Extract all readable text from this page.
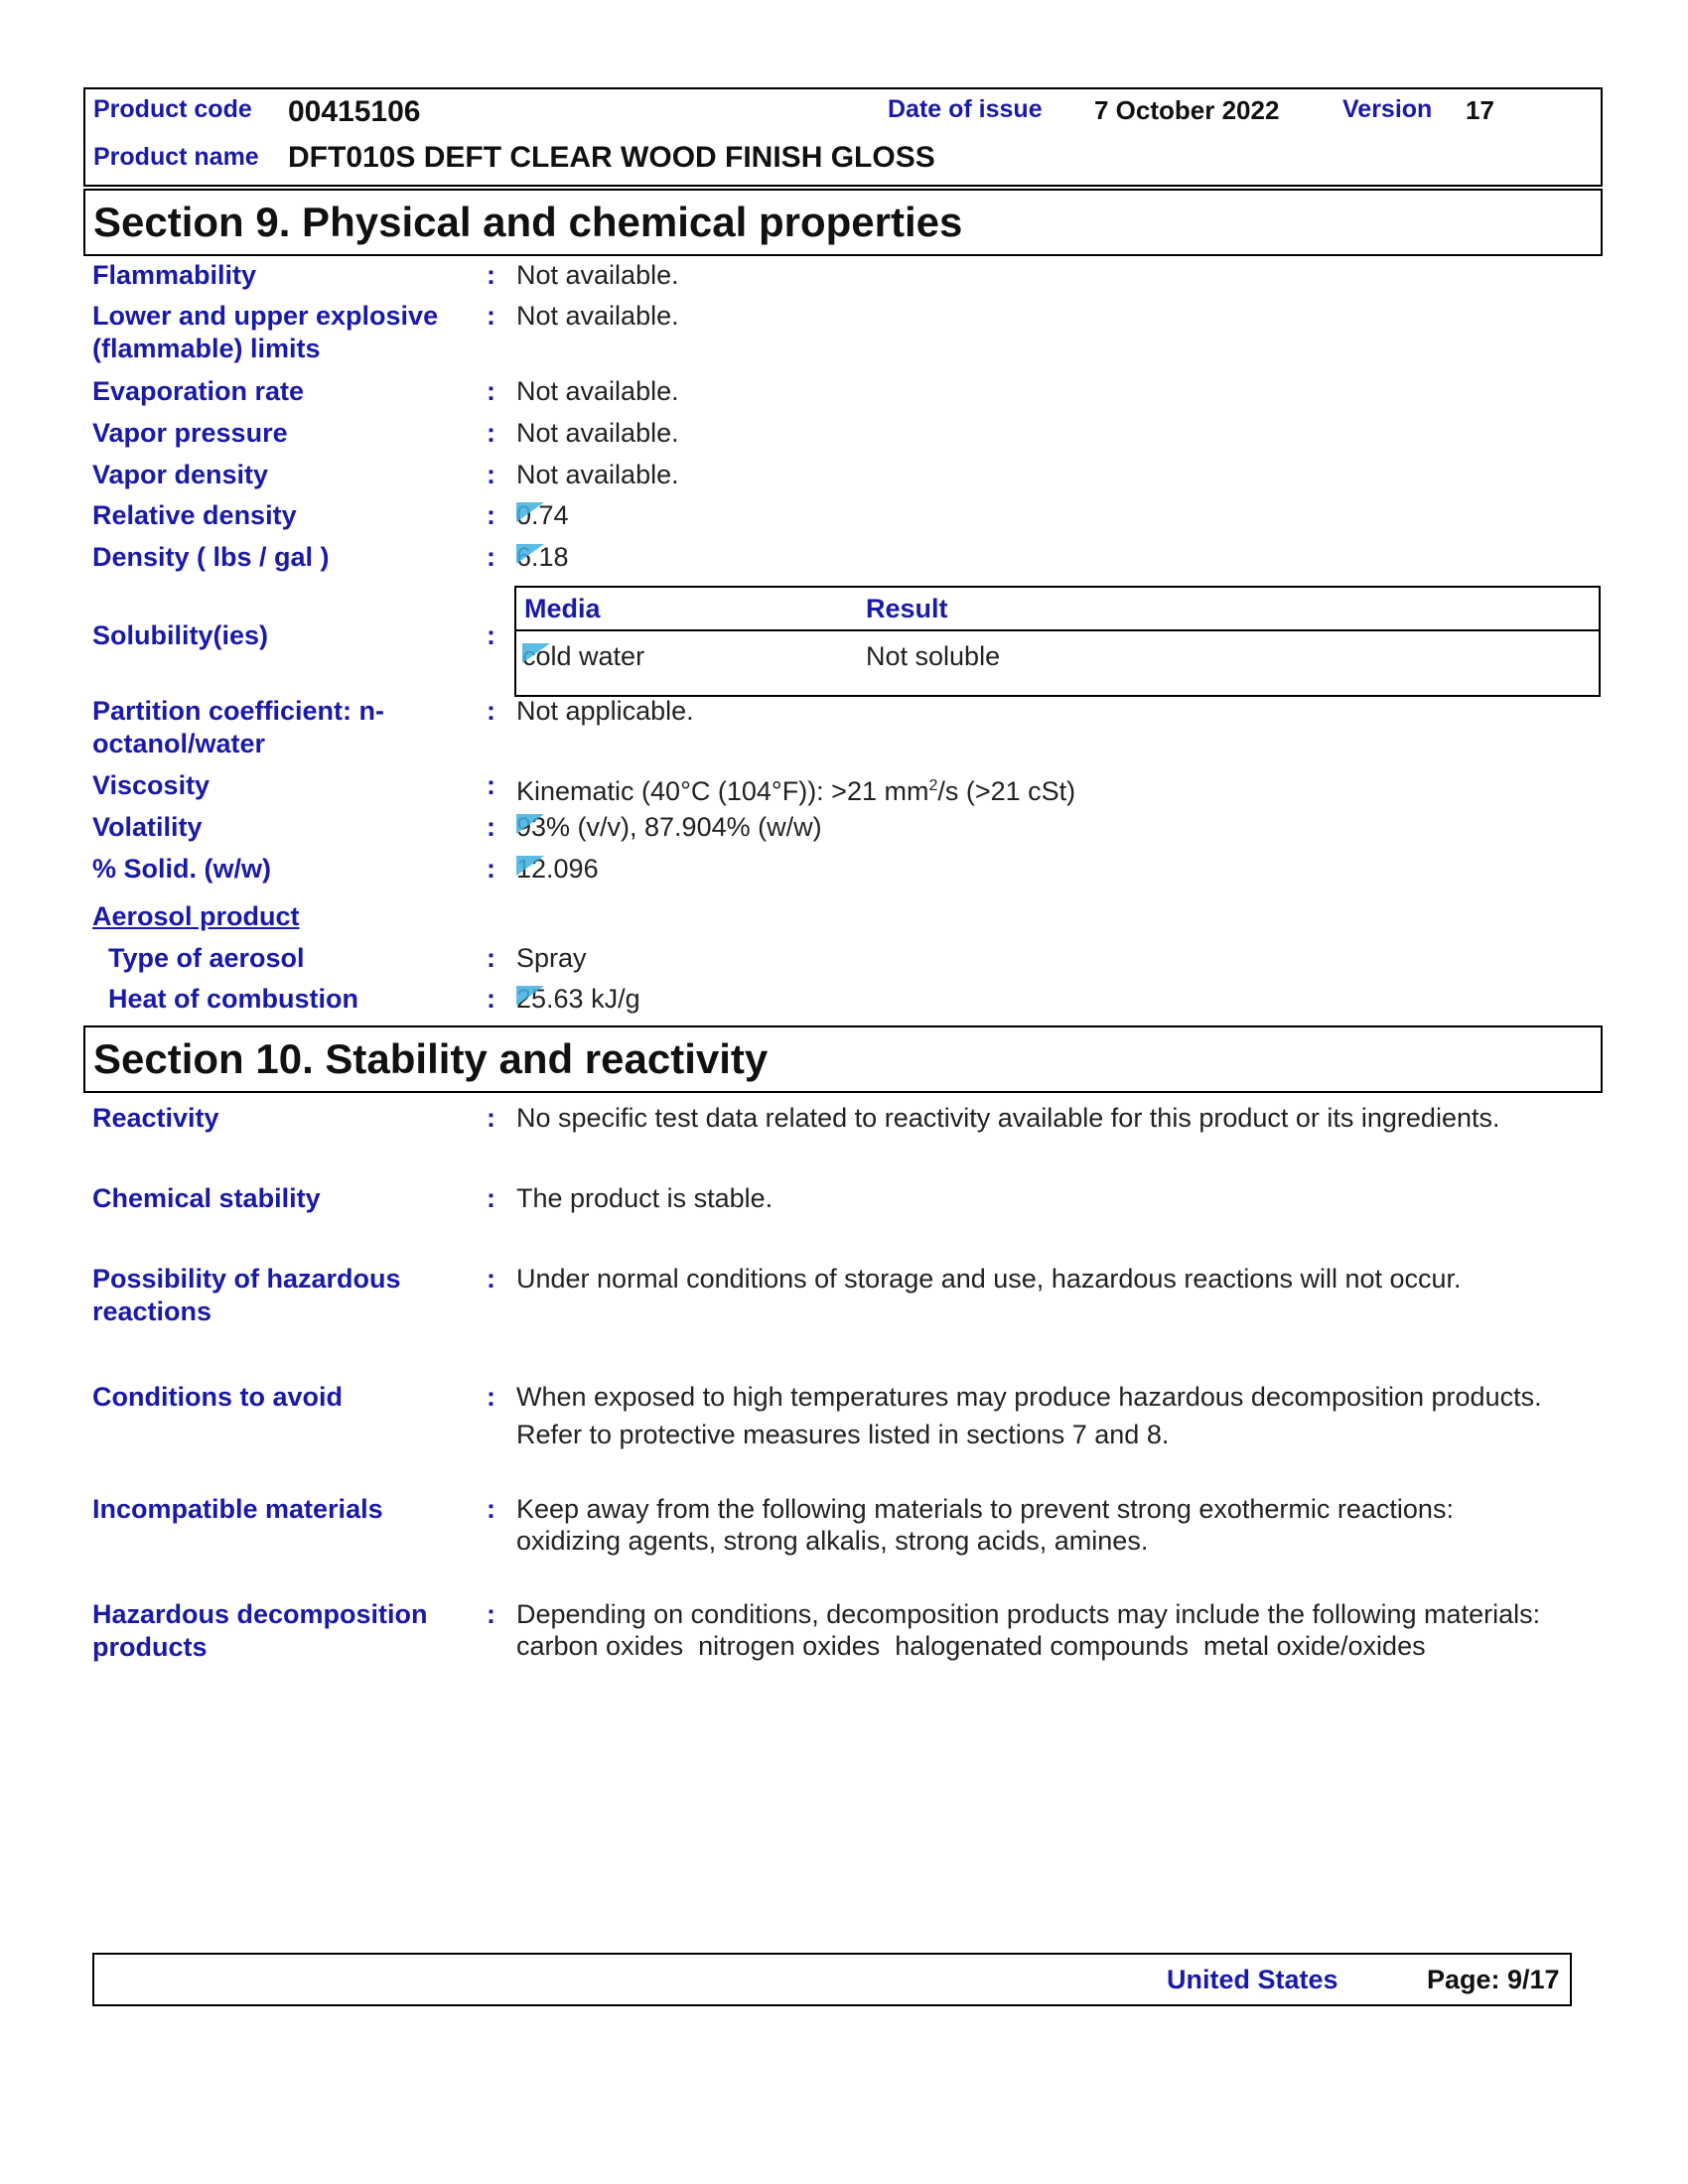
Product code 00415106	Date of issue 7 October 2022	Version 17
Product name DFT010S DEFT CLEAR WOOD FINISH GLOSS
Section 9. Physical and chemical properties
Flammability	: Not available.
Lower and upper explosive (flammable) limits
: Not available.
Evaporation rate	: Not available.
Vapor pressure	: Not available.
Vapor density	: Not available.
Relative density	: 0.74
Density ( lbs / gal )	: 6.18
Solubility(ies)	:
Media	Result
cold water	Not soluble
Partition coefficient: n-octanol/water
: Not applicable.
Viscosity	: Kinematic (40°C (104°F)): >21 $mm^2/s$ (>21 cSt)
Volatility	: 93% (v/v), 87.904% (w/w)
% Solid. (w/w)	: 12.096
Aerosol product
Type of aerosol	: Spray
Heat of combustion	: 25.63 kJ/g
Section 10. Stability and reactivity
Reactivity	: No specific test data related to reactivity available for this product or its ingredients.
Chemical stability	: The product is stable.
Possibility of hazardous reactions
: Under normal conditions of storage and use, hazardous reactions will not occur.
Conditions to avoid	: When exposed to high temperatures may produce hazardous decomposition products.
Refer to protective measures listed in sections 7 and 8.
Incompatible materials	: Keep away from the following materials to prevent strong exothermic reactions:
oxidizing agents, strong alkalis, strong acids, amines.
Hazardous decomposition products
: Depending on conditions, decomposition products may include the following materials:
carbon oxides  nitrogen oxides  halogenated compounds  metal oxide/oxides
United States	Page: 9/17
